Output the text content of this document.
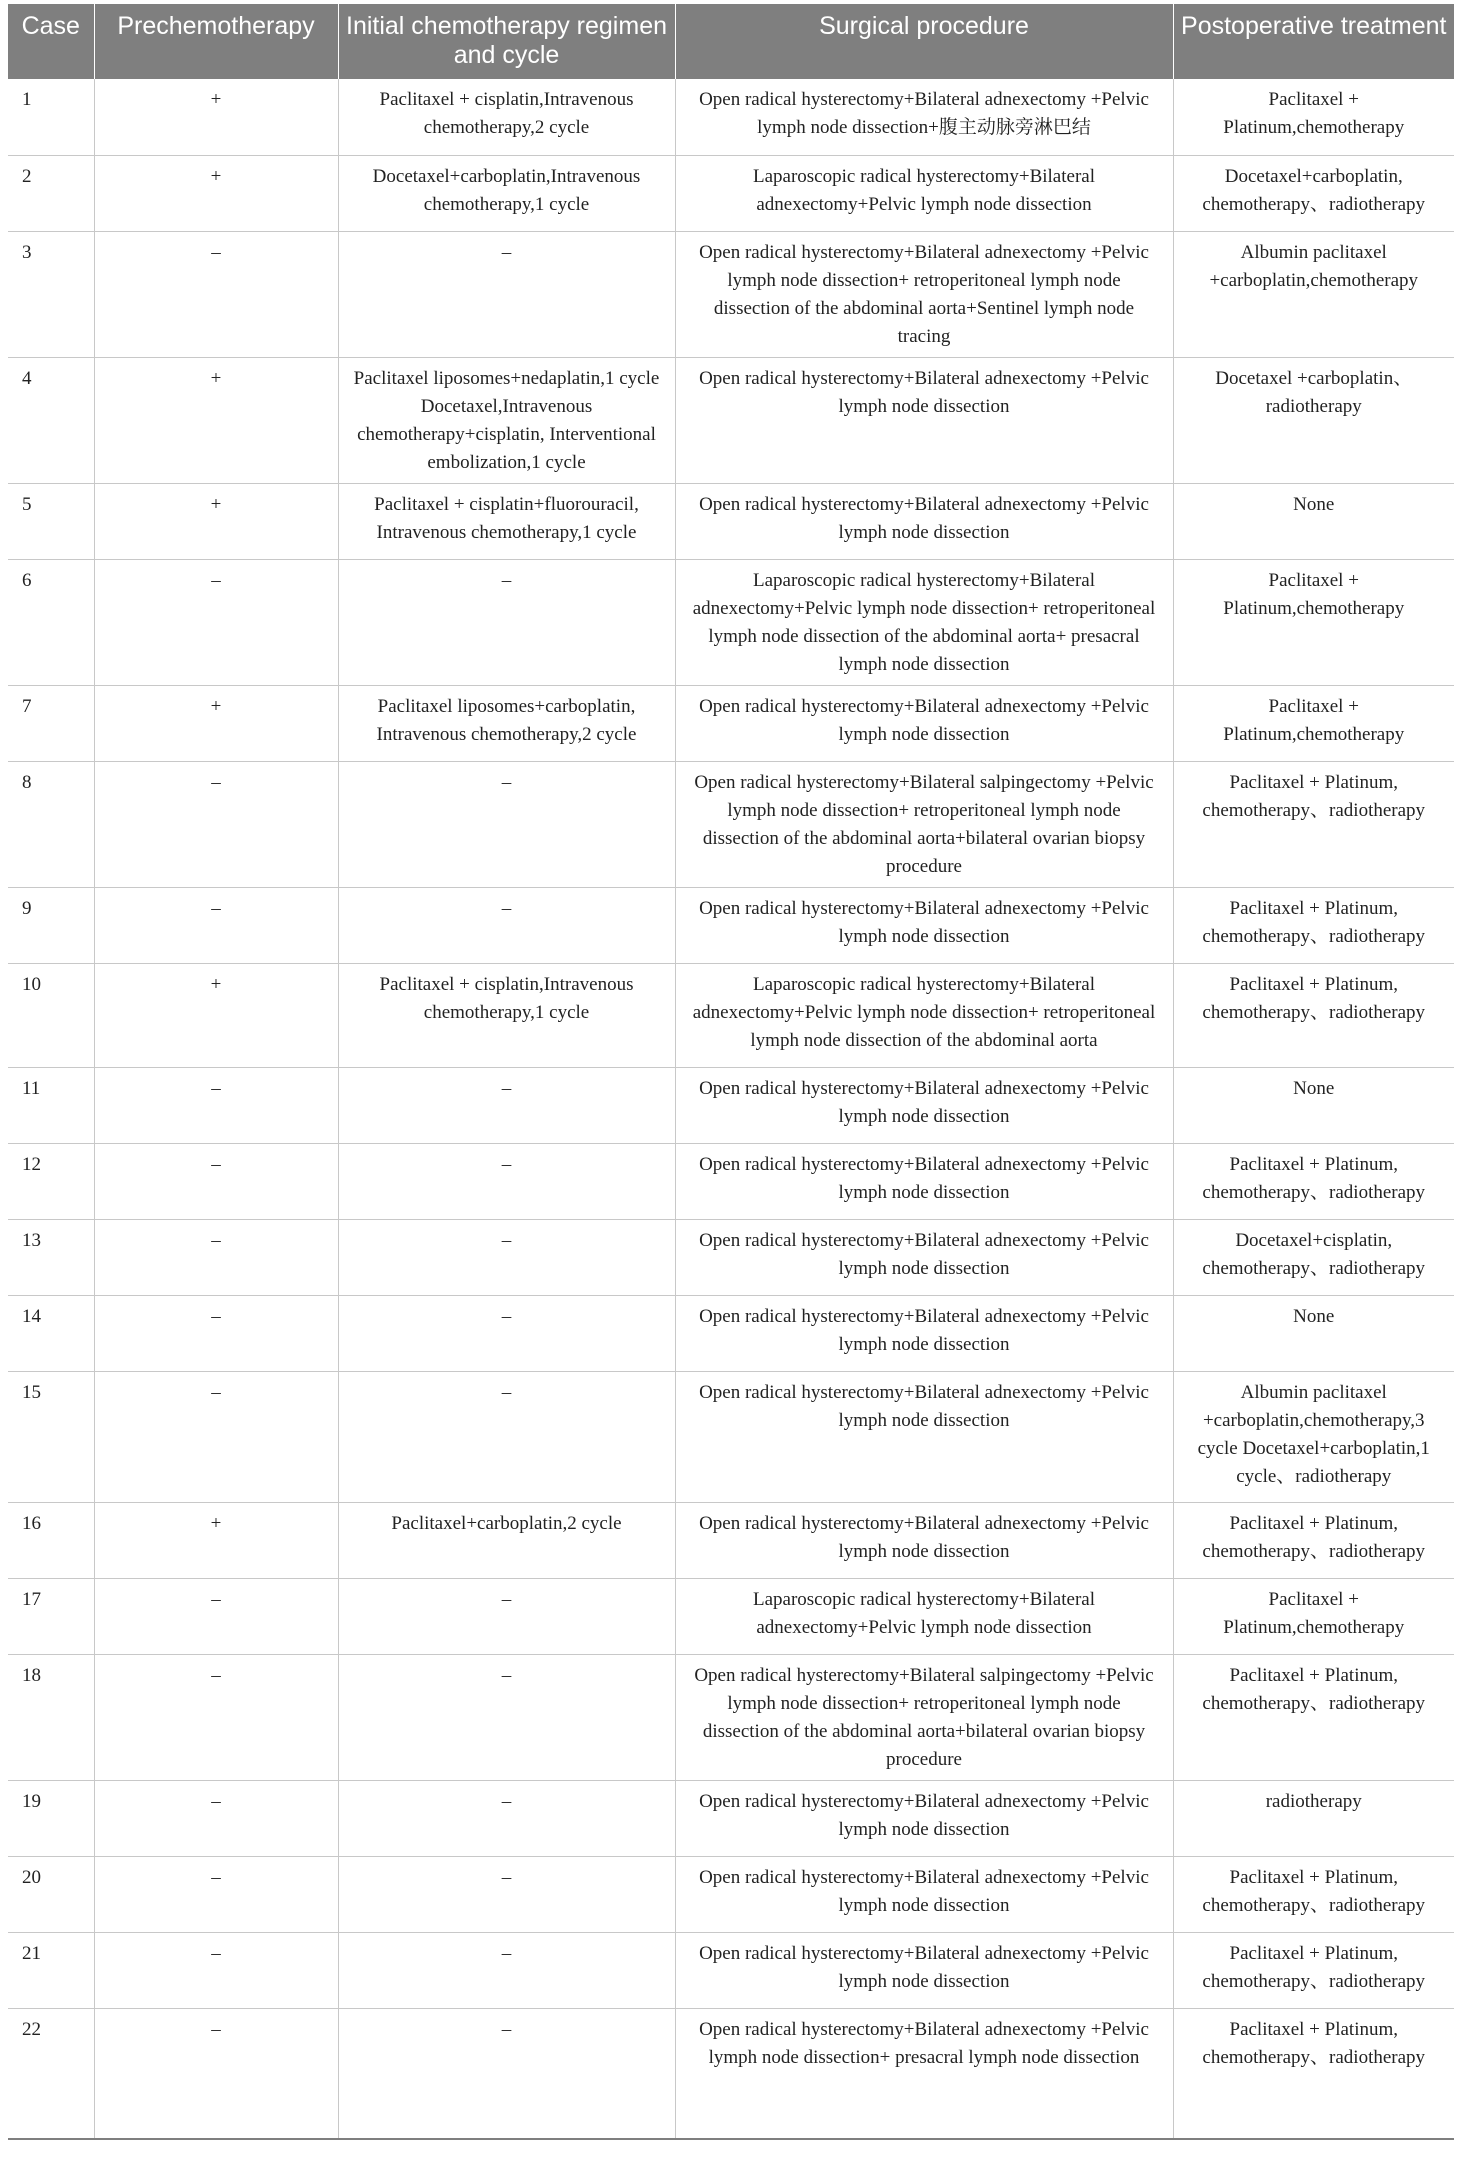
Case	Prechemotherapy	Initial chemotherapy regimen and cycle	Surgical procedure	Postoperative treatment
1	+	Paclitaxel + cisplatin,Intravenous chemotherapy,2 cycle	Open radical hysterectomy+Bilateral adnexectomy +Pelvic lymph node dissection+腹主动脉旁淋巴结	Paclitaxel + Platinum,chemotherapy
2	+	Docetaxel+carboplatin,Intravenous chemotherapy,1 cycle	Laparoscopic radical hysterectomy+Bilateral adnexectomy+Pelvic lymph node dissection	Docetaxel+carboplatin, chemotherapy、radiotherapy
3	–	–	Open radical hysterectomy+Bilateral adnexectomy +Pelvic lymph node dissection+ retroperitoneal lymph node dissection of the abdominal aorta+Sentinel lymph node tracing	Albumin paclitaxel +carboplatin,chemotherapy
4	+	Paclitaxel liposomes+nedaplatin,1 cycle Docetaxel,Intravenous chemotherapy+cisplatin, Interventional embolization,1 cycle	Open radical hysterectomy+Bilateral adnexectomy +Pelvic lymph node dissection	Docetaxel +carboplatin、radiotherapy
5	+	Paclitaxel + cisplatin+fluorouracil, Intravenous chemotherapy,1 cycle	Open radical hysterectomy+Bilateral adnexectomy +Pelvic lymph node dissection	None
6	–	–	Laparoscopic radical hysterectomy+Bilateral adnexectomy+Pelvic lymph node dissection+ retroperitoneal lymph node dissection of the abdominal aorta+ presacral lymph node dissection	Paclitaxel + Platinum,chemotherapy
7	+	Paclitaxel liposomes+carboplatin, Intravenous chemotherapy,2 cycle	Open radical hysterectomy+Bilateral adnexectomy +Pelvic lymph node dissection	Paclitaxel + Platinum,chemotherapy
8	–	–	Open radical hysterectomy+Bilateral salpingectomy +Pelvic lymph node dissection+ retroperitoneal lymph node dissection of the abdominal aorta+bilateral ovarian biopsy procedure	Paclitaxel + Platinum, chemotherapy、radiotherapy
9	–	–	Open radical hysterectomy+Bilateral adnexectomy +Pelvic lymph node dissection	Paclitaxel + Platinum, chemotherapy、radiotherapy
10	+	Paclitaxel + cisplatin,Intravenous chemotherapy,1 cycle	Laparoscopic radical hysterectomy+Bilateral adnexectomy+Pelvic lymph node dissection+ retroperitoneal lymph node dissection of the abdominal aorta	Paclitaxel + Platinum, chemotherapy、radiotherapy
11	–	–	Open radical hysterectomy+Bilateral adnexectomy +Pelvic lymph node dissection	None
12	–	–	Open radical hysterectomy+Bilateral adnexectomy +Pelvic lymph node dissection	Paclitaxel + Platinum, chemotherapy、radiotherapy
13	–	–	Open radical hysterectomy+Bilateral adnexectomy +Pelvic lymph node dissection	Docetaxel+cisplatin, chemotherapy、radiotherapy
14	–	–	Open radical hysterectomy+Bilateral adnexectomy +Pelvic lymph node dissection	None
15	–	–	Open radical hysterectomy+Bilateral adnexectomy +Pelvic lymph node dissection	Albumin paclitaxel +carboplatin,chemotherapy,3 cycle Docetaxel+carboplatin,1 cycle、radiotherapy
16	+	Paclitaxel+carboplatin,2 cycle	Open radical hysterectomy+Bilateral adnexectomy +Pelvic lymph node dissection	Paclitaxel + Platinum, chemotherapy、radiotherapy
17	–	–	Laparoscopic radical hysterectomy+Bilateral adnexectomy+Pelvic lymph node dissection	Paclitaxel + Platinum,chemotherapy
18	–	–	Open radical hysterectomy+Bilateral salpingectomy +Pelvic lymph node dissection+ retroperitoneal lymph node dissection of the abdominal aorta+bilateral ovarian biopsy procedure	Paclitaxel + Platinum, chemotherapy、radiotherapy
19	–	–	Open radical hysterectomy+Bilateral adnexectomy +Pelvic lymph node dissection	radiotherapy
20	–	–	Open radical hysterectomy+Bilateral adnexectomy +Pelvic lymph node dissection	Paclitaxel + Platinum, chemotherapy、radiotherapy
21	–	–	Open radical hysterectomy+Bilateral adnexectomy +Pelvic lymph node dissection	Paclitaxel + Platinum, chemotherapy、radiotherapy
22	–	–	Open radical hysterectomy+Bilateral adnexectomy +Pelvic lymph node dissection+ presacral lymph node dissection	Paclitaxel + Platinum, chemotherapy、radiotherapy
